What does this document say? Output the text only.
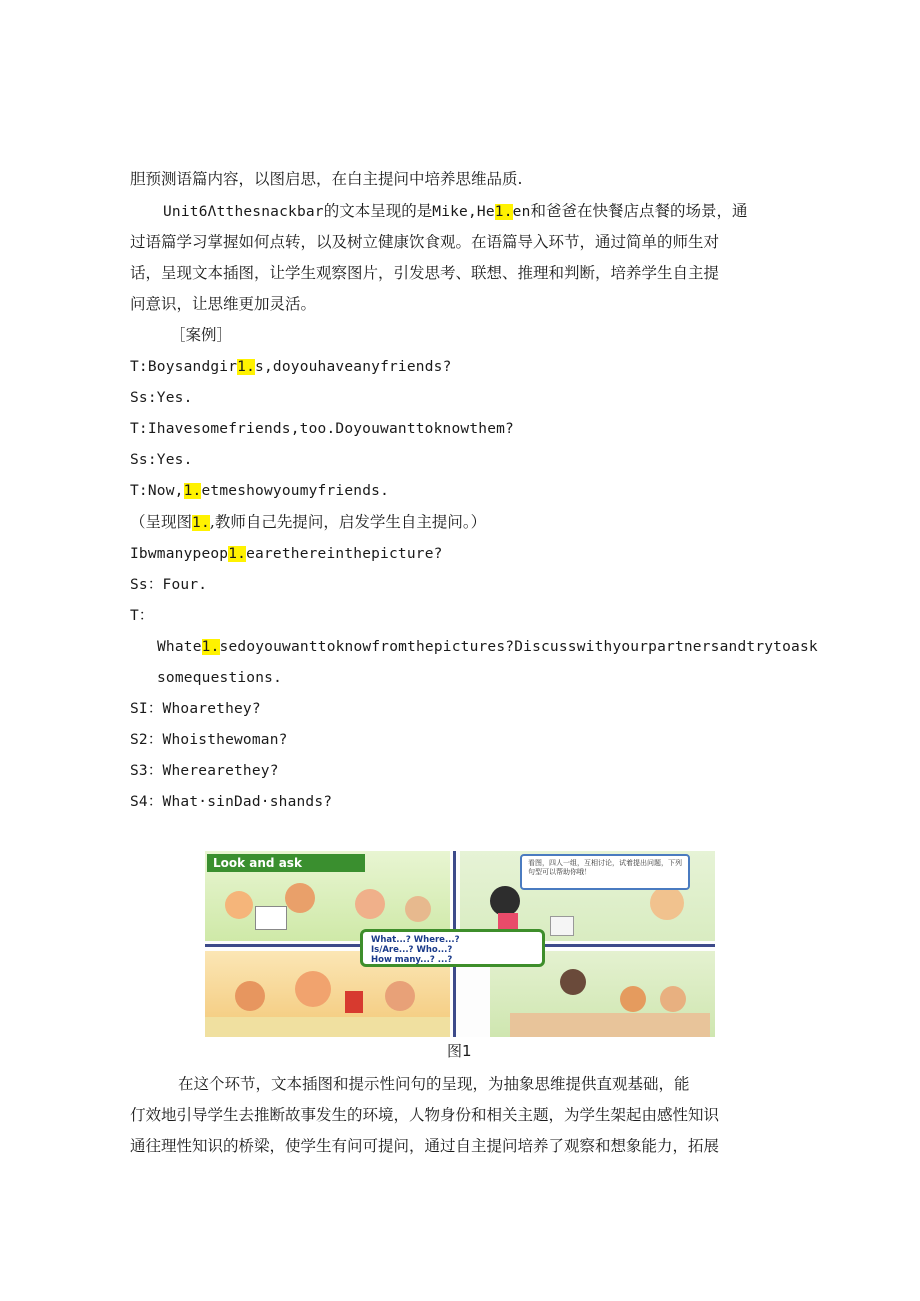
胆预测语篇内容，以图启思，在白主提问中培养思维品质.
Unit6Λtthesnackbar的文本呈现的是Mike,He1.en和爸爸在快餐店点餐的场景，通
过语篇学习掌握如何点转，以及树立健康饮食观。在语篇导入环节，通过简单的师生对
话，呈现文本插图，让学生观察图片，引发思考、联想、推理和判断，培养学生自主提
问意识，让思维更加灵活。
［案例］
T:Boysandgir1.s,doyouhaveanyfriends?
Ss:Yes.
T:Ihavesomefriends,too.Doyouwanttoknowthem?
Ss:Yes.
T:Now,1.etmeshowyoumyfriends.
（呈现图1.,教师自己先提问，启发学生自主提问。）
Ibwmanypeop1.earethereinthepicture?
Ss：Four.
T：
Whate1.sedoyouwanttoknowfromthepictures?Discusswithyourpartnersandtrytoask
somequestions.
SI：Whoarethey?
S2：Whoisthewoman?
S3：Wherearethey?
S4：What·sinDad·shands?
Look and ask	看图，四人一组，互相讨论，试着提出问题，下列句型可以帮助你哦！
What...? Where...?
Is/Are...? Who...?
How many...? ...?
图1
在这个环节，文本插图和提示性问句的呈现，为抽象思维提供直观基础，能
仃效地引导学生去推断故事发生的环境，人物身份和相关主题，为学生架起由感性知识
通往理性知识的桥梁，使学生有问可提问，通过自主提问培养了观察和想象能力，拓展
